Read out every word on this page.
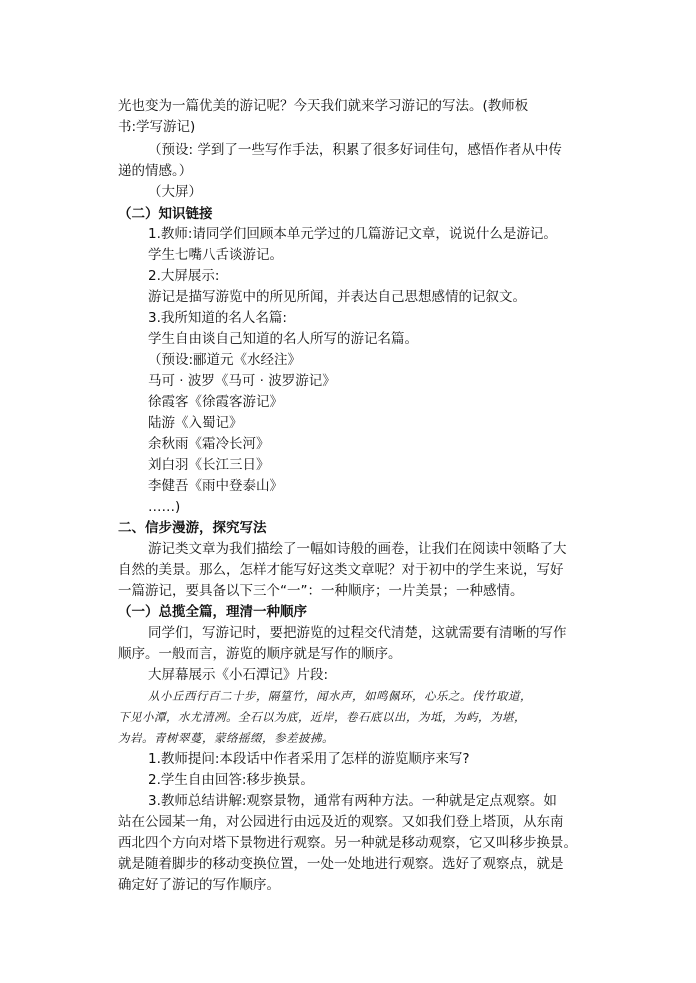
光也变为一篇优美的游记呢？今天我们就来学习游记的写法。(教师板
书:学写游记)
（预设: 学到了一些写作手法，积累了很多好词佳句，感悟作者从中传
递的情感。）
（大屏）
（二）知识链接
1.教师:请同学们回顾本单元学过的几篇游记文章，说说什么是游记。
学生七嘴八舌谈游记。
2.大屏展示:
游记是描写游览中的所见所闻，并表达自己思想感情的记叙文。
3.我所知道的名人名篇:
学生自由谈自己知道的名人所写的游记名篇。
（预设:郦道元《水经注》
马可 · 波罗《马可 · 波罗游记》
徐霞客《徐霞客游记》
陆游《入蜀记》
余秋雨《霜冷长河》
刘白羽《长江三日》
李健吾《雨中登泰山》
……)
二、信步漫游，探究写法
游记类文章为我们描绘了一幅如诗般的画卷，让我们在阅读中领略了大
自然的美景。那么，怎样才能写好这类文章呢？对于初中的学生来说，写好
一篇游记，要具备以下三个“一”：一种顺序；一片美景；一种感情。
（一）总揽全篇，理清一种顺序
同学们，写游记时，要把游览的过程交代清楚，这就需要有清晰的写作
顺序。一般而言，游览的顺序就是写作的顺序。
大屏幕展示《小石潭记》片段:
从小丘西行百二十步，隔篁竹，闻水声，如鸣佩环，心乐之。伐竹取道，
下见小潭，水尤清冽。全石以为底，近岸，卷石底以出，为坻，为屿，为堪，
为岩。青树翠蔓，蒙络摇缀，参差披拂。
1.教师提问:本段话中作者采用了怎样的游览顺序来写?
2.学生自由回答:移步换景。
3.教师总结讲解:观察景物，通常有两种方法。一种就是定点观察。如
站在公园某一角，对公园进行由远及近的观察。又如我们登上塔顶，从东南
西北四个方向对塔下景物进行观察。另一种就是移动观察，它又叫移步换景。
就是随着脚步的移动变换位置，一处一处地进行观察。选好了观察点，就是
确定好了游记的写作顺序。
